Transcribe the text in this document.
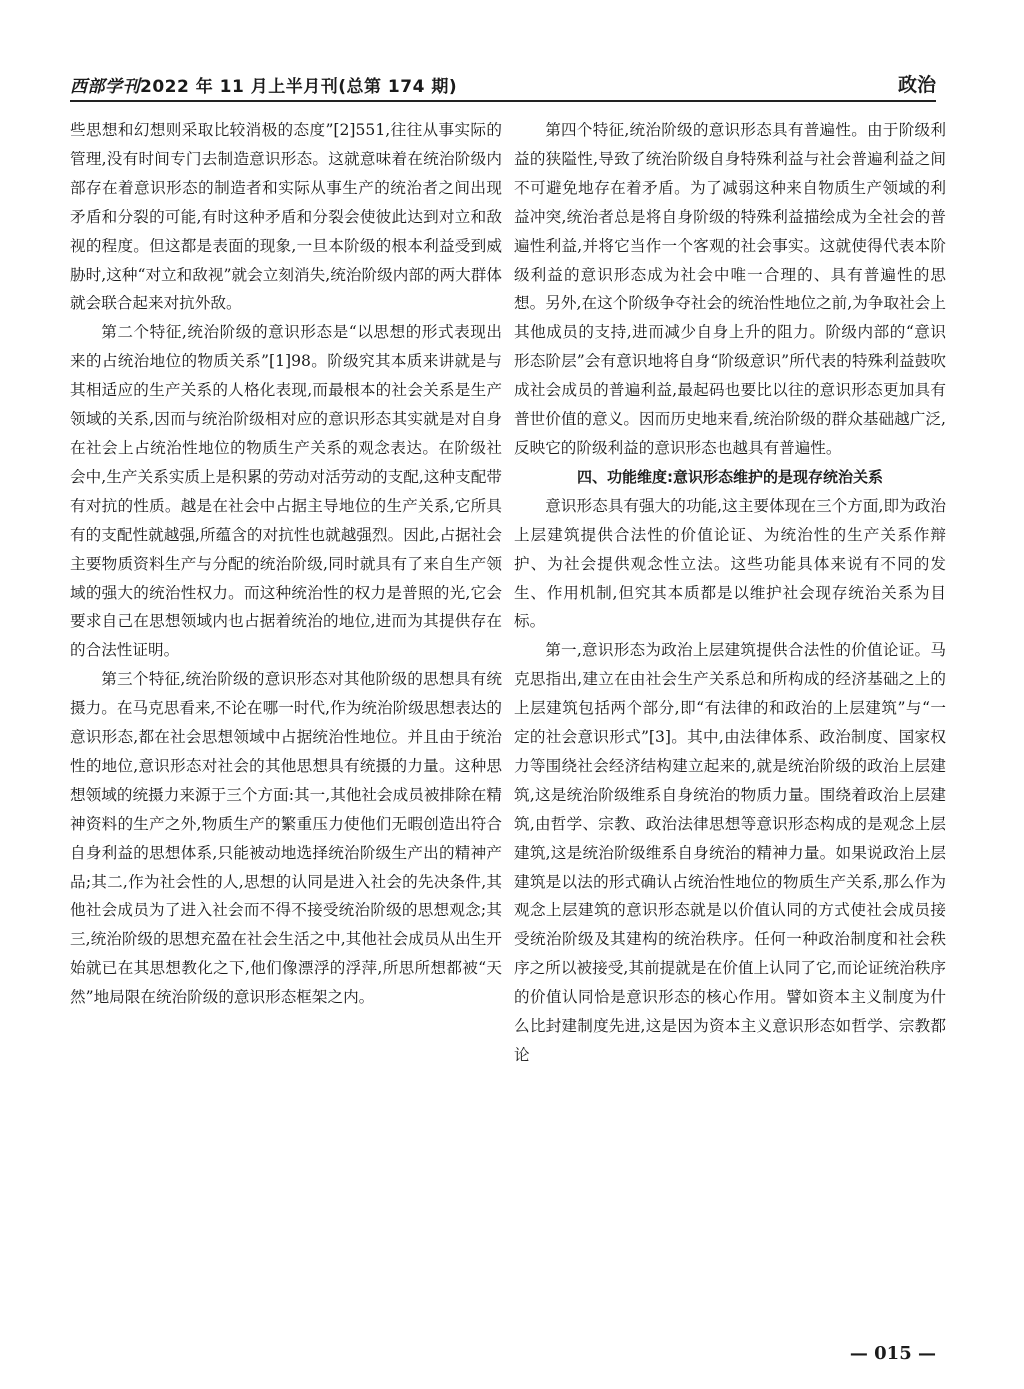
西部学刊2022 年 11 月上半月刊(总第 174 期)	政治

些思想和幻想则采取比较消极的态度”[2]551,往往从事实际的管理,没有时间专门去制造意识形态。这就意味着在统治阶级内部存在着意识形态的制造者和实际从事生产的统治者之间出现矛盾和分裂的可能,有时这种矛盾和分裂会使彼此达到对立和敌视的程度。但这都是表面的现象,一旦本阶级的根本利益受到威胁时,这种“对立和敌视”就会立刻消失,统治阶级内部的两大群体就会联合起来对抗外敌。

第二个特征,统治阶级的意识形态是“以思想的形式表现出来的占统治地位的物质关系”[1]98。阶级究其本质来讲就是与其相适应的生产关系的人格化表现,而最根本的社会关系是生产领域的关系,因而与统治阶级相对应的意识形态其实就是对自身在社会上占统治性地位的物质生产关系的观念表达。在阶级社会中,生产关系实质上是积累的劳动对活劳动的支配,这种支配带有对抗的性质。越是在社会中占据主导地位的生产关系,它所具有的支配性就越强,所蕴含的对抗性也就越强烈。因此,占据社会主要物质资料生产与分配的统治阶级,同时就具有了来自生产领域的强大的统治性权力。而这种统治性的权力是普照的光,它会要求自己在思想领域内也占据着统治的地位,进而为其提供存在的合法性证明。

第三个特征,统治阶级的意识形态对其他阶级的思想具有统摄力。在马克思看来,不论在哪一时代,作为统治阶级思想表达的意识形态,都在社会思想领域中占据统治性地位。并且由于统治性的地位,意识形态对社会的其他思想具有统摄的力量。这种思想领域的统摄力来源于三个方面:其一,其他社会成员被排除在精神资料的生产之外,物质生产的繁重压力使他们无暇创造出符合自身利益的思想体系,只能被动地选择统治阶级生产出的精神产品;其二,作为社会性的人,思想的认同是进入社会的先决条件,其他社会成员为了进入社会而不得不接受统治阶级的思想观念;其三,统治阶级的思想充盈在社会生活之中,其他社会成员从出生开始就已在其思想教化之下,他们像漂浮的浮萍,所思所想都被“天然”地局限在统治阶级的意识形态框架之内。

第四个特征,统治阶级的意识形态具有普遍性。由于阶级利益的狭隘性,导致了统治阶级自身特殊利益与社会普遍利益之间不可避免地存在着矛盾。为了减弱这种来自物质生产领域的利益冲突,统治者总是将自身阶级的特殊利益描绘成为全社会的普遍性利益,并将它当作一个客观的社会事实。这就使得代表本阶级利益的意识形态成为社会中唯一合理的、具有普遍性的思想。另外,在这个阶级争夺社会的统治性地位之前,为争取社会上其他成员的支持,进而减少自身上升的阻力。阶级内部的“意识形态阶层”会有意识地将自身“阶级意识”所代表的特殊利益鼓吹成社会成员的普遍利益,最起码也要比以往的意识形态更加具有普世价值的意义。因而历史地来看,统治阶级的群众基础越广泛,反映它的阶级利益的意识形态也越具有普遍性。

四、功能维度:意识形态维护的是现存统治关系

意识形态具有强大的功能,这主要体现在三个方面,即为政治上层建筑提供合法性的价值论证、为统治性的生产关系作辩护、为社会提供观念性立法。这些功能具体来说有不同的发生、作用机制,但究其本质都是以维护社会现存统治关系为目标。

第一,意识形态为政治上层建筑提供合法性的价值论证。马克思指出,建立在由社会生产关系总和所构成的经济基础之上的上层建筑包括两个部分,即“有法律的和政治的上层建筑”与“一定的社会意识形式”[3]。其中,由法律体系、政治制度、国家权力等围绕社会经济结构建立起来的,就是统治阶级的政治上层建筑,这是统治阶级维系自身统治的物质力量。围绕着政治上层建筑,由哲学、宗教、政治法律思想等意识形态构成的是观念上层建筑,这是统治阶级维系自身统治的精神力量。如果说政治上层建筑是以法的形式确认占统治性地位的物质生产关系,那么作为观念上层建筑的意识形态就是以价值认同的方式使社会成员接受统治阶级及其建构的统治秩序。任何一种政治制度和社会秩序之所以被接受,其前提就是在价值上认同了它,而论证统治秩序的价值认同恰是意识形态的核心作用。譬如资本主义制度为什么比封建制度先进,这是因为资本主义意识形态如哲学、宗教都论

— 015 —
